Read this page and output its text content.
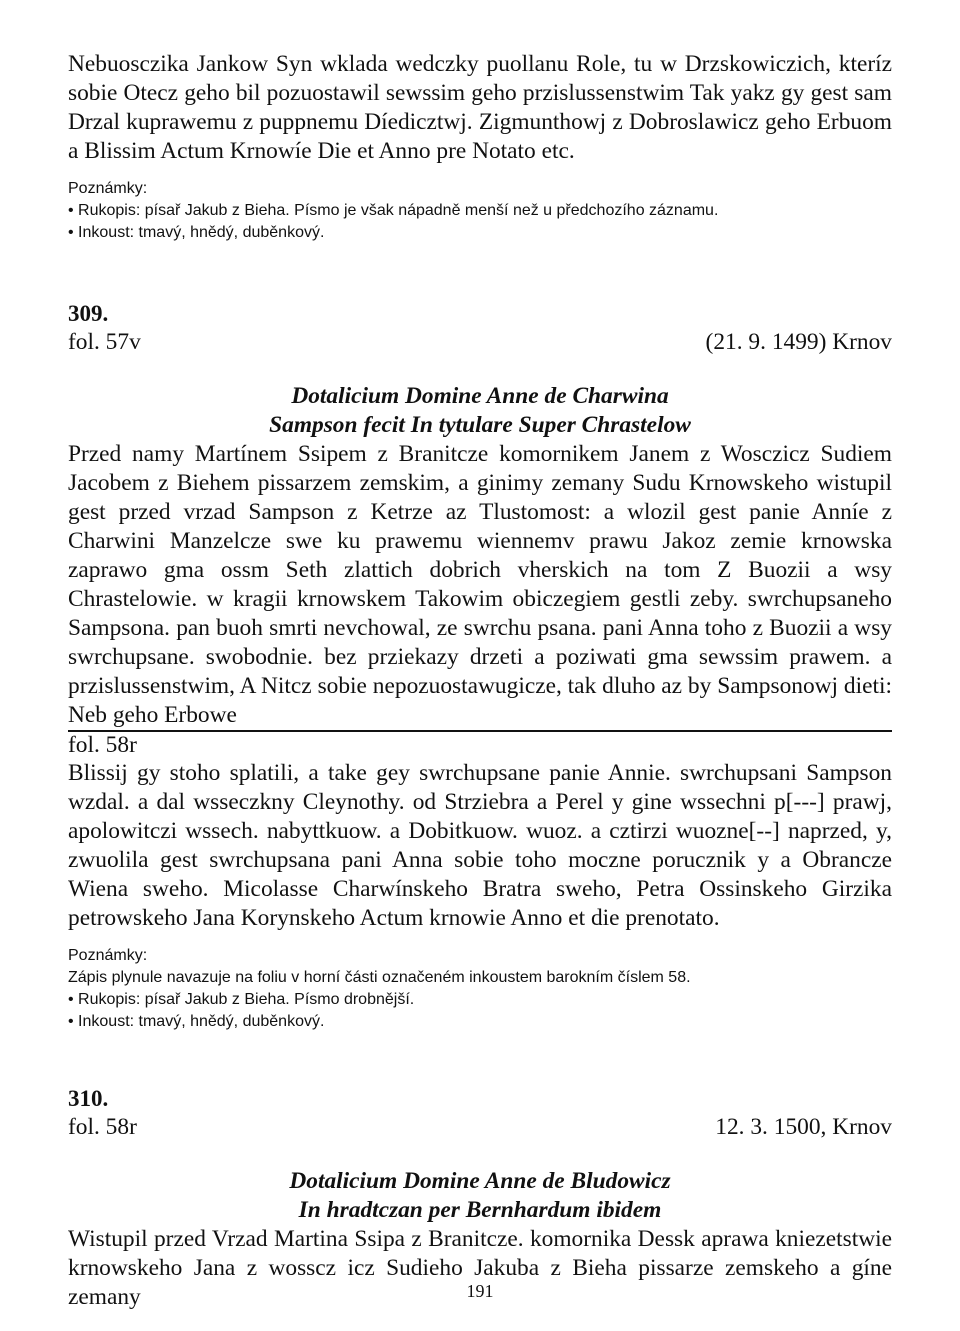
Nebuosczika Jankow Syn wklada wedczky puollanu Role, tu w Drzskowiczich, kteríz sobie Otecz geho bil pozuostawil sewssim geho przislussenstwim Tak yakz gy gest sam Drzal kuprawemu z puppnemu Díedicztwj. Zigmunthowj z Dobroslawicz geho Erbuom a Blissim Actum Krnowíe Die et Anno pre Notato etc.

Poznámky:
• Rukopis: písař Jakub z Bieha. Písmo je však nápadně menší než u předchozího záznamu.
• Inkoust: tmavý, hnědý, duběnkový.

309.

fol. 57v	(21. 9. 1499) Krnov

Dotalicium Domine Anne de Charwina

Sampson fecit In tytulare Super Chrastelow

Przed namy Martínem Ssipem z Branitcze komornikem Janem z Wosczicz Sudiem Jacobem z Biehem pissarzem zemskim, a ginimy zemany Sudu Krnowskeho wistupil gest przed vrzad Sampson z Ketrze az Tlustomost: a wlozil gest panie Anníe z Charwini Manzelcze swe ku prawemu wiennemv prawu Jakoz zemie krnowska zaprawo gma ossm Seth zlattich dobrich vherskich na tom Z Buozii a wsy Chrastelowie. w kragii krnowskem Takowim obiczegiem gestli zeby. swrchupsaneho Sampsona. pan buoh smrti nevchowal, ze swrchu psana. pani Anna toho z Buozii a wsy swrchupsane. swobodnie. bez prziekazy drzeti a poziwati gma sewssim prawem. a przislussenstwim, A Nitcz sobie nepozuostawugicze, tak dluho az by Sampsonowj dieti: Neb geho Erbowe

fol. 58r

Blissij gy stoho splatili, a take gey swrchupsane panie Annie. swrchupsani Sampson wzdal. a dal wsseczkny Cleynothy. od Strziebra a Perel y gine wssechni p[---] prawj, apolowitczi wssech. nabyttkuow. a Dobitkuow. wuoz. a cztirzi wuozne[--] naprzed, y, zwuolila gest swrchupsana pani Anna sobie toho moczne porucznik y a Obrancze Wiena sweho. Micolasse Charwínskeho Bratra sweho, Petra Ossinskeho Girzika petrowskeho Jana Korynskeho Actum krnowie Anno et die prenotato.

Poznámky:
Zápis plynule navazuje na foliu v horní části označeném inkoustem barokním číslem 58.
• Rukopis: písař Jakub z Bieha. Písmo drobnější.
• Inkoust: tmavý, hnědý, duběnkový.

310.

fol. 58r	12. 3. 1500, Krnov

Dotalicium Domine Anne de Bludowicz

In hradtczan per Bernhardum ibidem

Wistupil przed Vrzad Martina Ssipa z Branitcze. komornika Dessk aprawa kniezetstwie krnowskeho Jana z wosscz icz Sudieho Jakuba z Bieha pissarze zemskeho a gíne zemany	191
